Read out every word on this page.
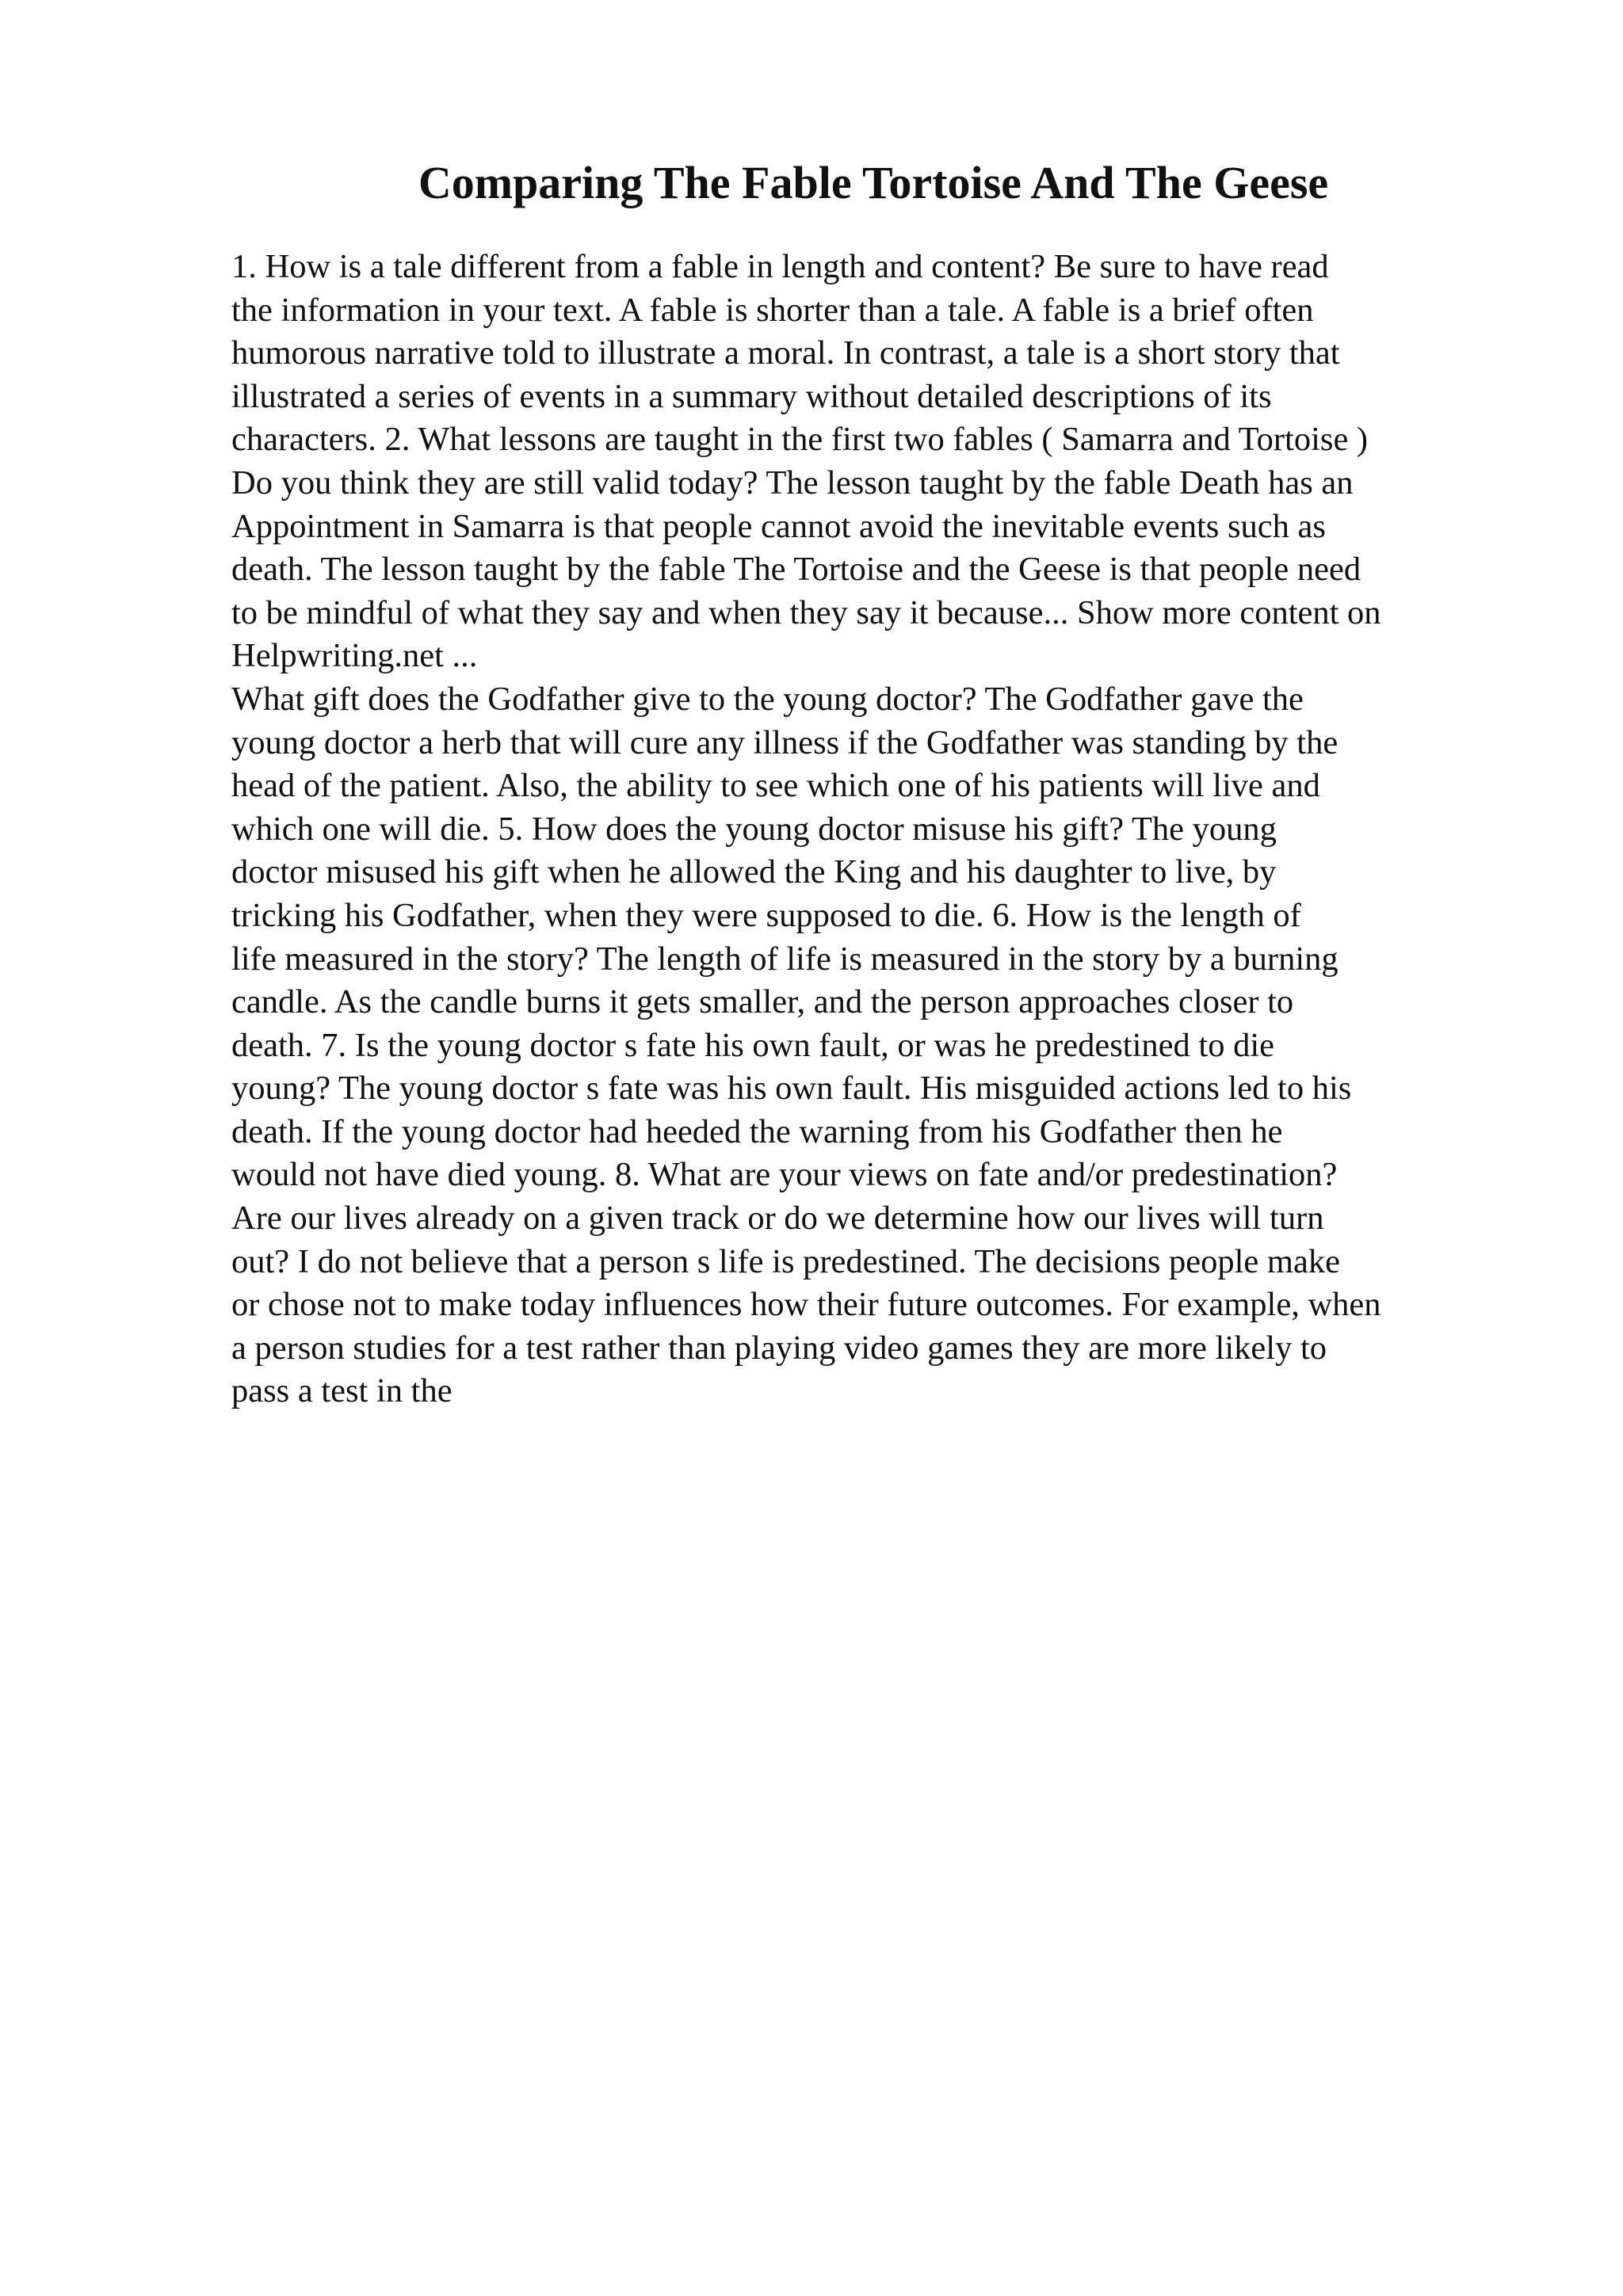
Comparing The Fable Tortoise And The Geese
1. How is a tale different from a fable in length and content? Be sure to have read
the information in your text. A fable is shorter than a tale. A fable is a brief often
humorous narrative told to illustrate a moral. In contrast, a tale is a short story that
illustrated a series of events in a summary without detailed descriptions of its
characters. 2. What lessons are taught in the first two fables ( Samarra and Tortoise )
Do you think they are still valid today? The lesson taught by the fable Death has an
Appointment in Samarra is that people cannot avoid the inevitable events such as
death. The lesson taught by the fable The Tortoise and the Geese is that people need
to be mindful of what they say and when they say it because... Show more content on
Helpwriting.net ...
What gift does the Godfather give to the young doctor? The Godfather gave the
young doctor a herb that will cure any illness if the Godfather was standing by the
head of the patient. Also, the ability to see which one of his patients will live and
which one will die. 5. How does the young doctor misuse his gift? The young
doctor misused his gift when he allowed the King and his daughter to live, by
tricking his Godfather, when they were supposed to die. 6. How is the length of
life measured in the story? The length of life is measured in the story by a burning
candle. As the candle burns it gets smaller, and the person approaches closer to
death. 7. Is the young doctor s fate his own fault, or was he predestined to die
young? The young doctor s fate was his own fault. His misguided actions led to his
death. If the young doctor had heeded the warning from his Godfather then he
would not have died young. 8. What are your views on fate and/or predestination?
Are our lives already on a given track or do we determine how our lives will turn
out? I do not believe that a person s life is predestined. The decisions people make
or chose not to make today influences how their future outcomes. For example, when
a person studies for a test rather than playing video games they are more likely to
pass a test in the
